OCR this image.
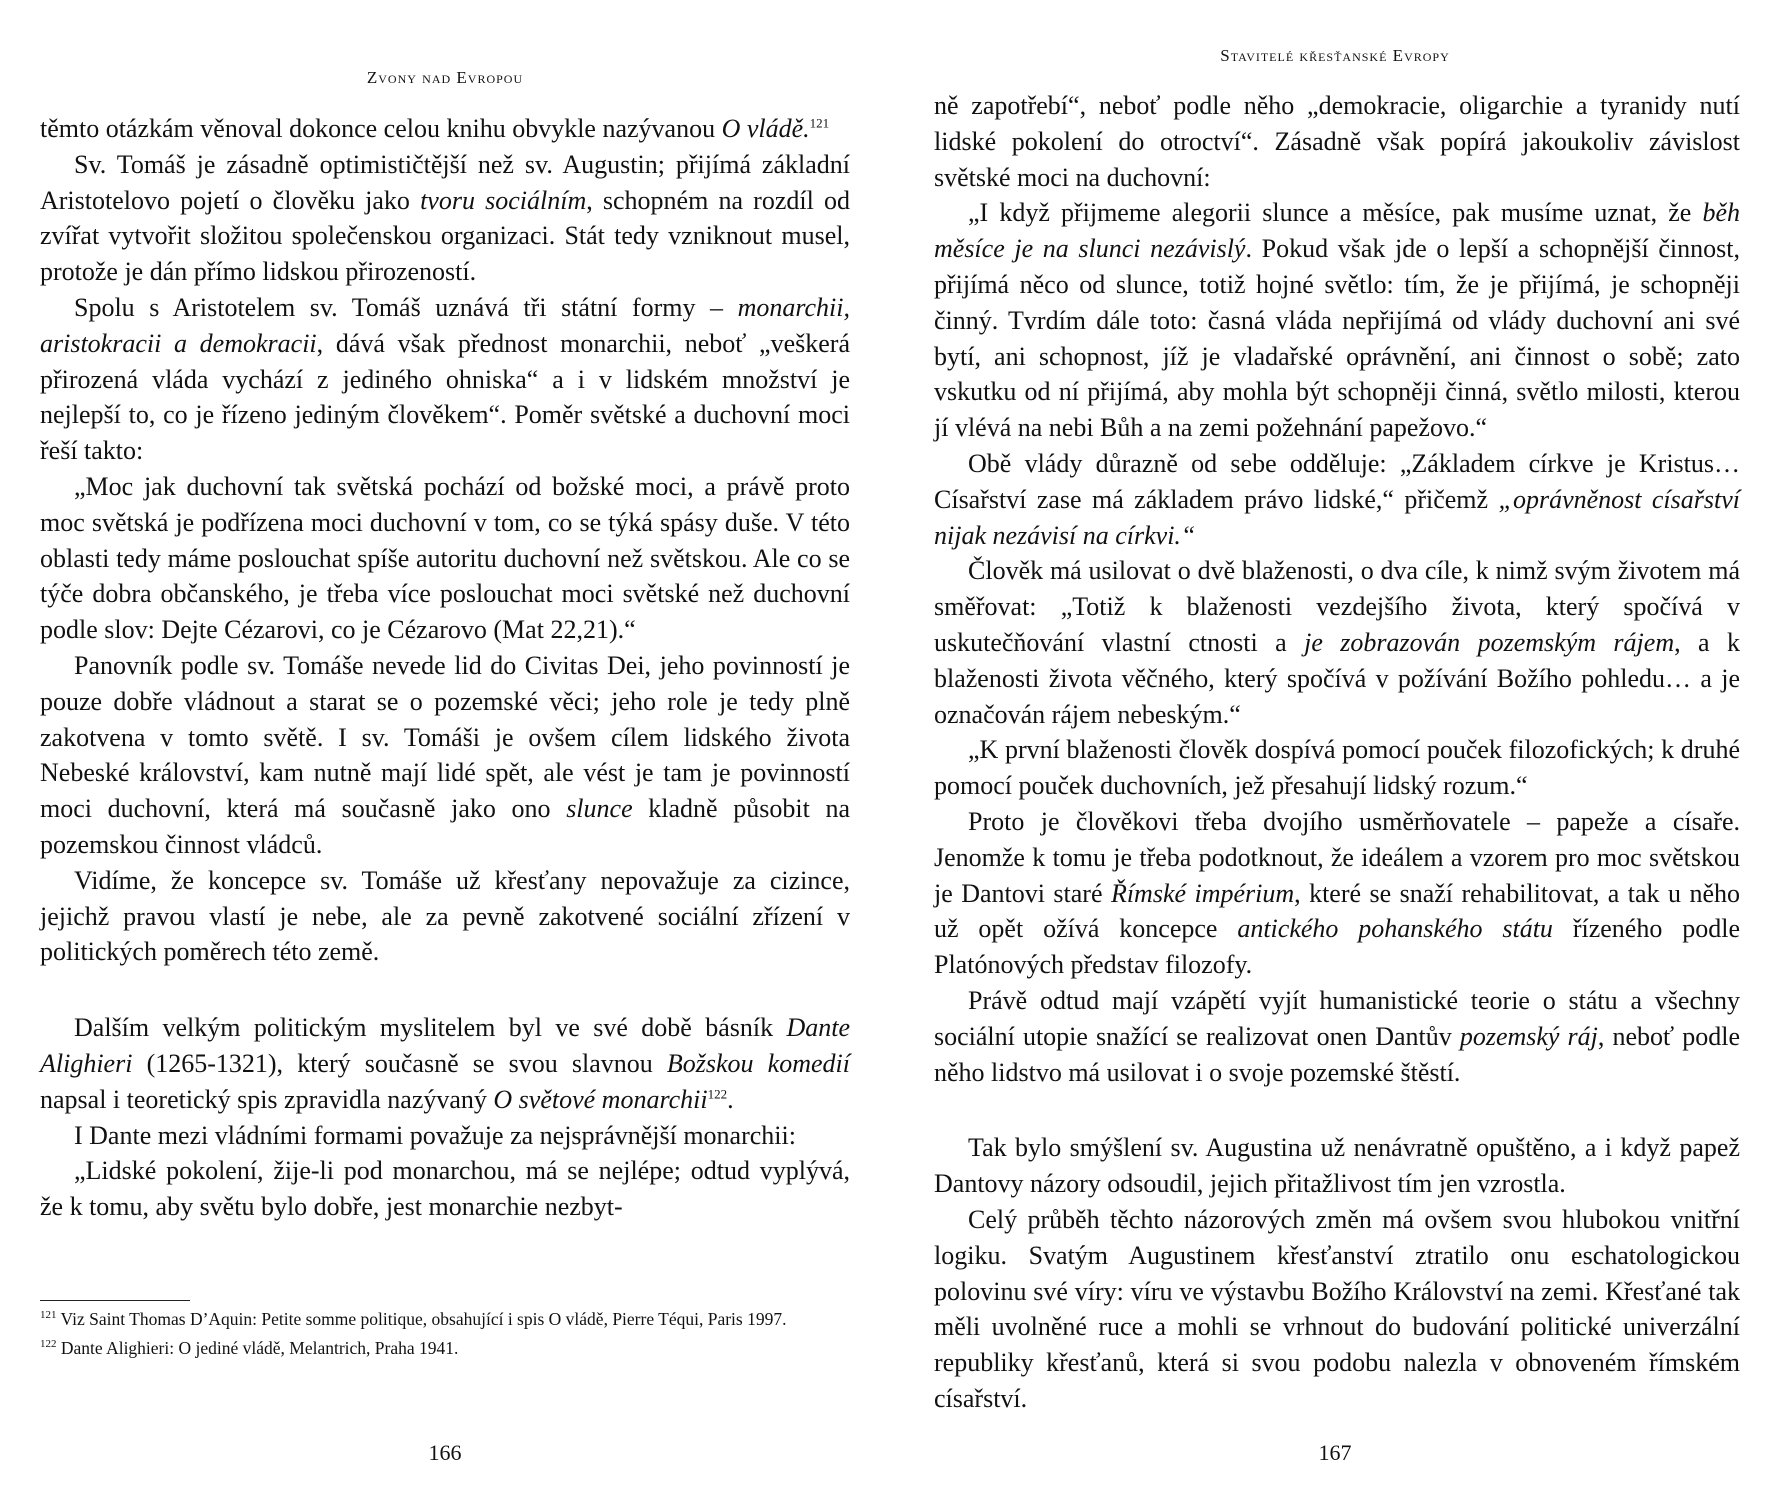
Zvony nad Evropou

těmto otázkám věnoval dokonce celou knihu obvykle nazývanou O vládě.$^{121}$

Sv. Tomáš je zásadně optimističtější než sv. Augustin; přijímá základní Aristotelovo pojetí o člověku jako tvoru sociálním, schopném na rozdíl od zvířat vytvořit složitou společenskou organizaci. Stát tedy vzniknout musel, protože je dán přímo lidskou přirozeností.

Spolu s Aristotelem sv. Tomáš uznává tři státní formy – monarchii, aristokracii a demokracii, dává však přednost monarchii, neboť „veškerá přirozená vláda vychází z jediného ohniska“ a i v lidském množství je nejlepší to, co je řízeno jediným člověkem“. Poměr světské a duchovní moci řeší takto:

„Moc jak duchovní tak světská pochází od božské moci, a právě proto moc světská je podřízena moci duchovní v tom, co se týká spásy duše. V této oblasti tedy máme poslouchat spíše autoritu duchovní než světskou. Ale co se týče dobra občanského, je třeba více poslouchat moci světské než duchovní podle slov: Dejte Cézarovi, co je Cézarovo (Mat 22,21).“

Panovník podle sv. Tomáše nevede lid do Civitas Dei, jeho povinností je pouze dobře vládnout a starat se o pozemské věci; jeho role je tedy plně zakotvena v tomto světě. I sv. Tomáši je ovšem cílem lidského života Nebeské království, kam nutně mají lidé spět, ale vést je tam je povinností moci duchovní, která má současně jako ono slunce kladně působit na pozemskou činnost vládců.

Vidíme, že koncepce sv. Tomáše už křesťany nepovažuje za cizince, jejichž pravou vlastí je nebe, ale za pevně zakotvené sociální zřízení v politických poměrech této země.

Dalším velkým politickým myslitelem byl ve své době básník Dante Alighieri (1265-1321), který současně se svou slavnou Božskou komedií napsal i teoretický spis zpravidla nazývaný O světové monarchii$^{122}$.

I Dante mezi vládními formami považuje za nejsprávnější monarchii:

„Lidské pokolení, žije-li pod monarchou, má se nejlépe; odtud vyplývá, že k tomu, aby světu bylo dobře, jest monarchie nezbyt-

$^{121}$ Viz Saint Thomas D’Aquin: Petite somme politique, obsahující i spis O vládě, Pierre Téqui, Paris 1997.
$^{122}$ Dante Alighieri: O jediné vládě, Melantrich, Praha 1941.
166
Stavitelé křesťanské Evropy

ně zapotřebí“, neboť podle něho „demokracie, oligarchie a tyranidy nutí lidské pokolení do otroctví“. Zásadně však popírá jakoukoliv závislost světské moci na duchovní:

„I když přijmeme alegorii slunce a měsíce, pak musíme uznat, že běh měsíce je na slunci nezávislý. Pokud však jde o lepší a schopnější činnost, přijímá něco od slunce, totiž hojné světlo: tím, že je přijímá, je schopněji činný. Tvrdím dále toto: časná vláda nepřijímá od vlády duchovní ani své bytí, ani schopnost, jíž je vladařské oprávnění, ani činnost o sobě; zato vskutku od ní přijímá, aby mohla být schopněji činná, světlo milosti, kterou jí vlévá na nebi Bůh a na zemi požehnání papežovo.“

Obě vlády důrazně od sebe odděluje: „Základem církve je Kristus… Císařství zase má základem právo lidské,“ přičemž „oprávněnost císařství nijak nezávisí na církvi.“

Člověk má usilovat o dvě blaženosti, o dva cíle, k nimž svým životem má směřovat: „Totiž k blaženosti vezdejšího života, který spočívá v uskutečňování vlastní ctnosti a je zobrazován pozemským rájem, a k blaženosti života věčného, který spočívá v požívání Božího pohledu… a je označován rájem nebeským.“

„K první blaženosti člověk dospívá pomocí pouček filozofických; k druhé pomocí pouček duchovních, jež přesahují lidský rozum.“

Proto je člověkovi třeba dvojího usměrňovatele – papeže a císaře. Jenomže k tomu je třeba podotknout, že ideálem a vzorem pro moc světskou je Dantovi staré Římské impérium, které se snaží rehabilitovat, a tak u něho už opět ožívá koncepce antického pohanského státu řízeného podle Platónových představ filozofy.

Právě odtud mají vzápětí vyjít humanistické teorie o státu a všechny sociální utopie snažící se realizovat onen Dantův pozemský ráj, neboť podle něho lidstvo má usilovat i o svoje pozemské štěstí.

Tak bylo smýšlení sv. Augustina už nenávratně opuštěno, a i když papež Dantovy názory odsoudil, jejich přitažlivost tím jen vzrostla.

Celý průběh těchto názorových změn má ovšem svou hlubokou vnitřní logiku. Svatým Augustinem křesťanství ztratilo onu eschatologickou polovinu své víry: víru ve výstavbu Božího Království na zemi. Křesťané tak měli uvolněné ruce a mohli se vrhnout do budování politické univerzální republiky křesťanů, která si svou podobu nalezla v obnoveném římském císařství.

167
